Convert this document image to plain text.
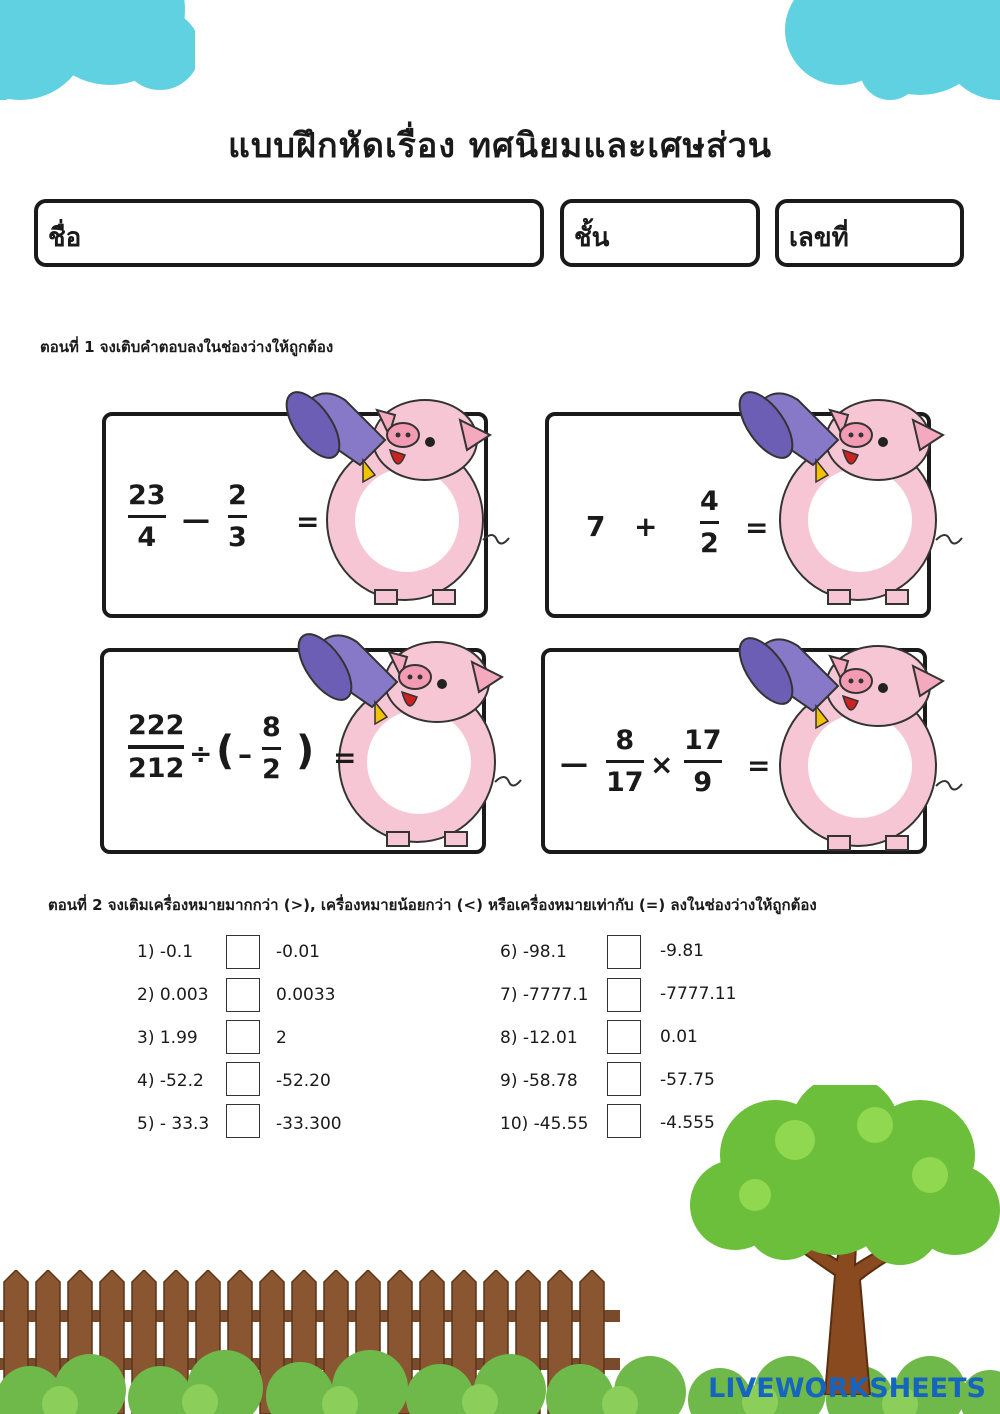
แบบฝึกหัดเรื่อง ทศนิยมและเศษส่วน
ชื่อ	ชั้น	เลขที่
ตอนที่ 1 จงเติบคำตอบลงในช่องว่างให้ถูกต้อง
23
4
—
2
3 =	7 +
4
2 =
222
212 ÷ ( –
8
2 ) =	—
8
17
×
17
9
=
ตอนที่ 2 จงเติมเครื่องหมายมากกว่า (>), เครื่องหมายน้อยกว่า (<) หรือเครื่องหมายเท่ากับ (=) ลงในช่องว่างให้ถูกต้อง
1) -0.1	-0.01
2) 0.003	0.0033
3) 1.99	2
4) -52.2	-52.20
5) - 33.3	-33.300
6) -98.1	-9.81
7) -7777.1	-7777.11
8) -12.01	0.01
9) -58.78	-57.75
10) -45.55	-4.555
LIVEWORKSHEETS
